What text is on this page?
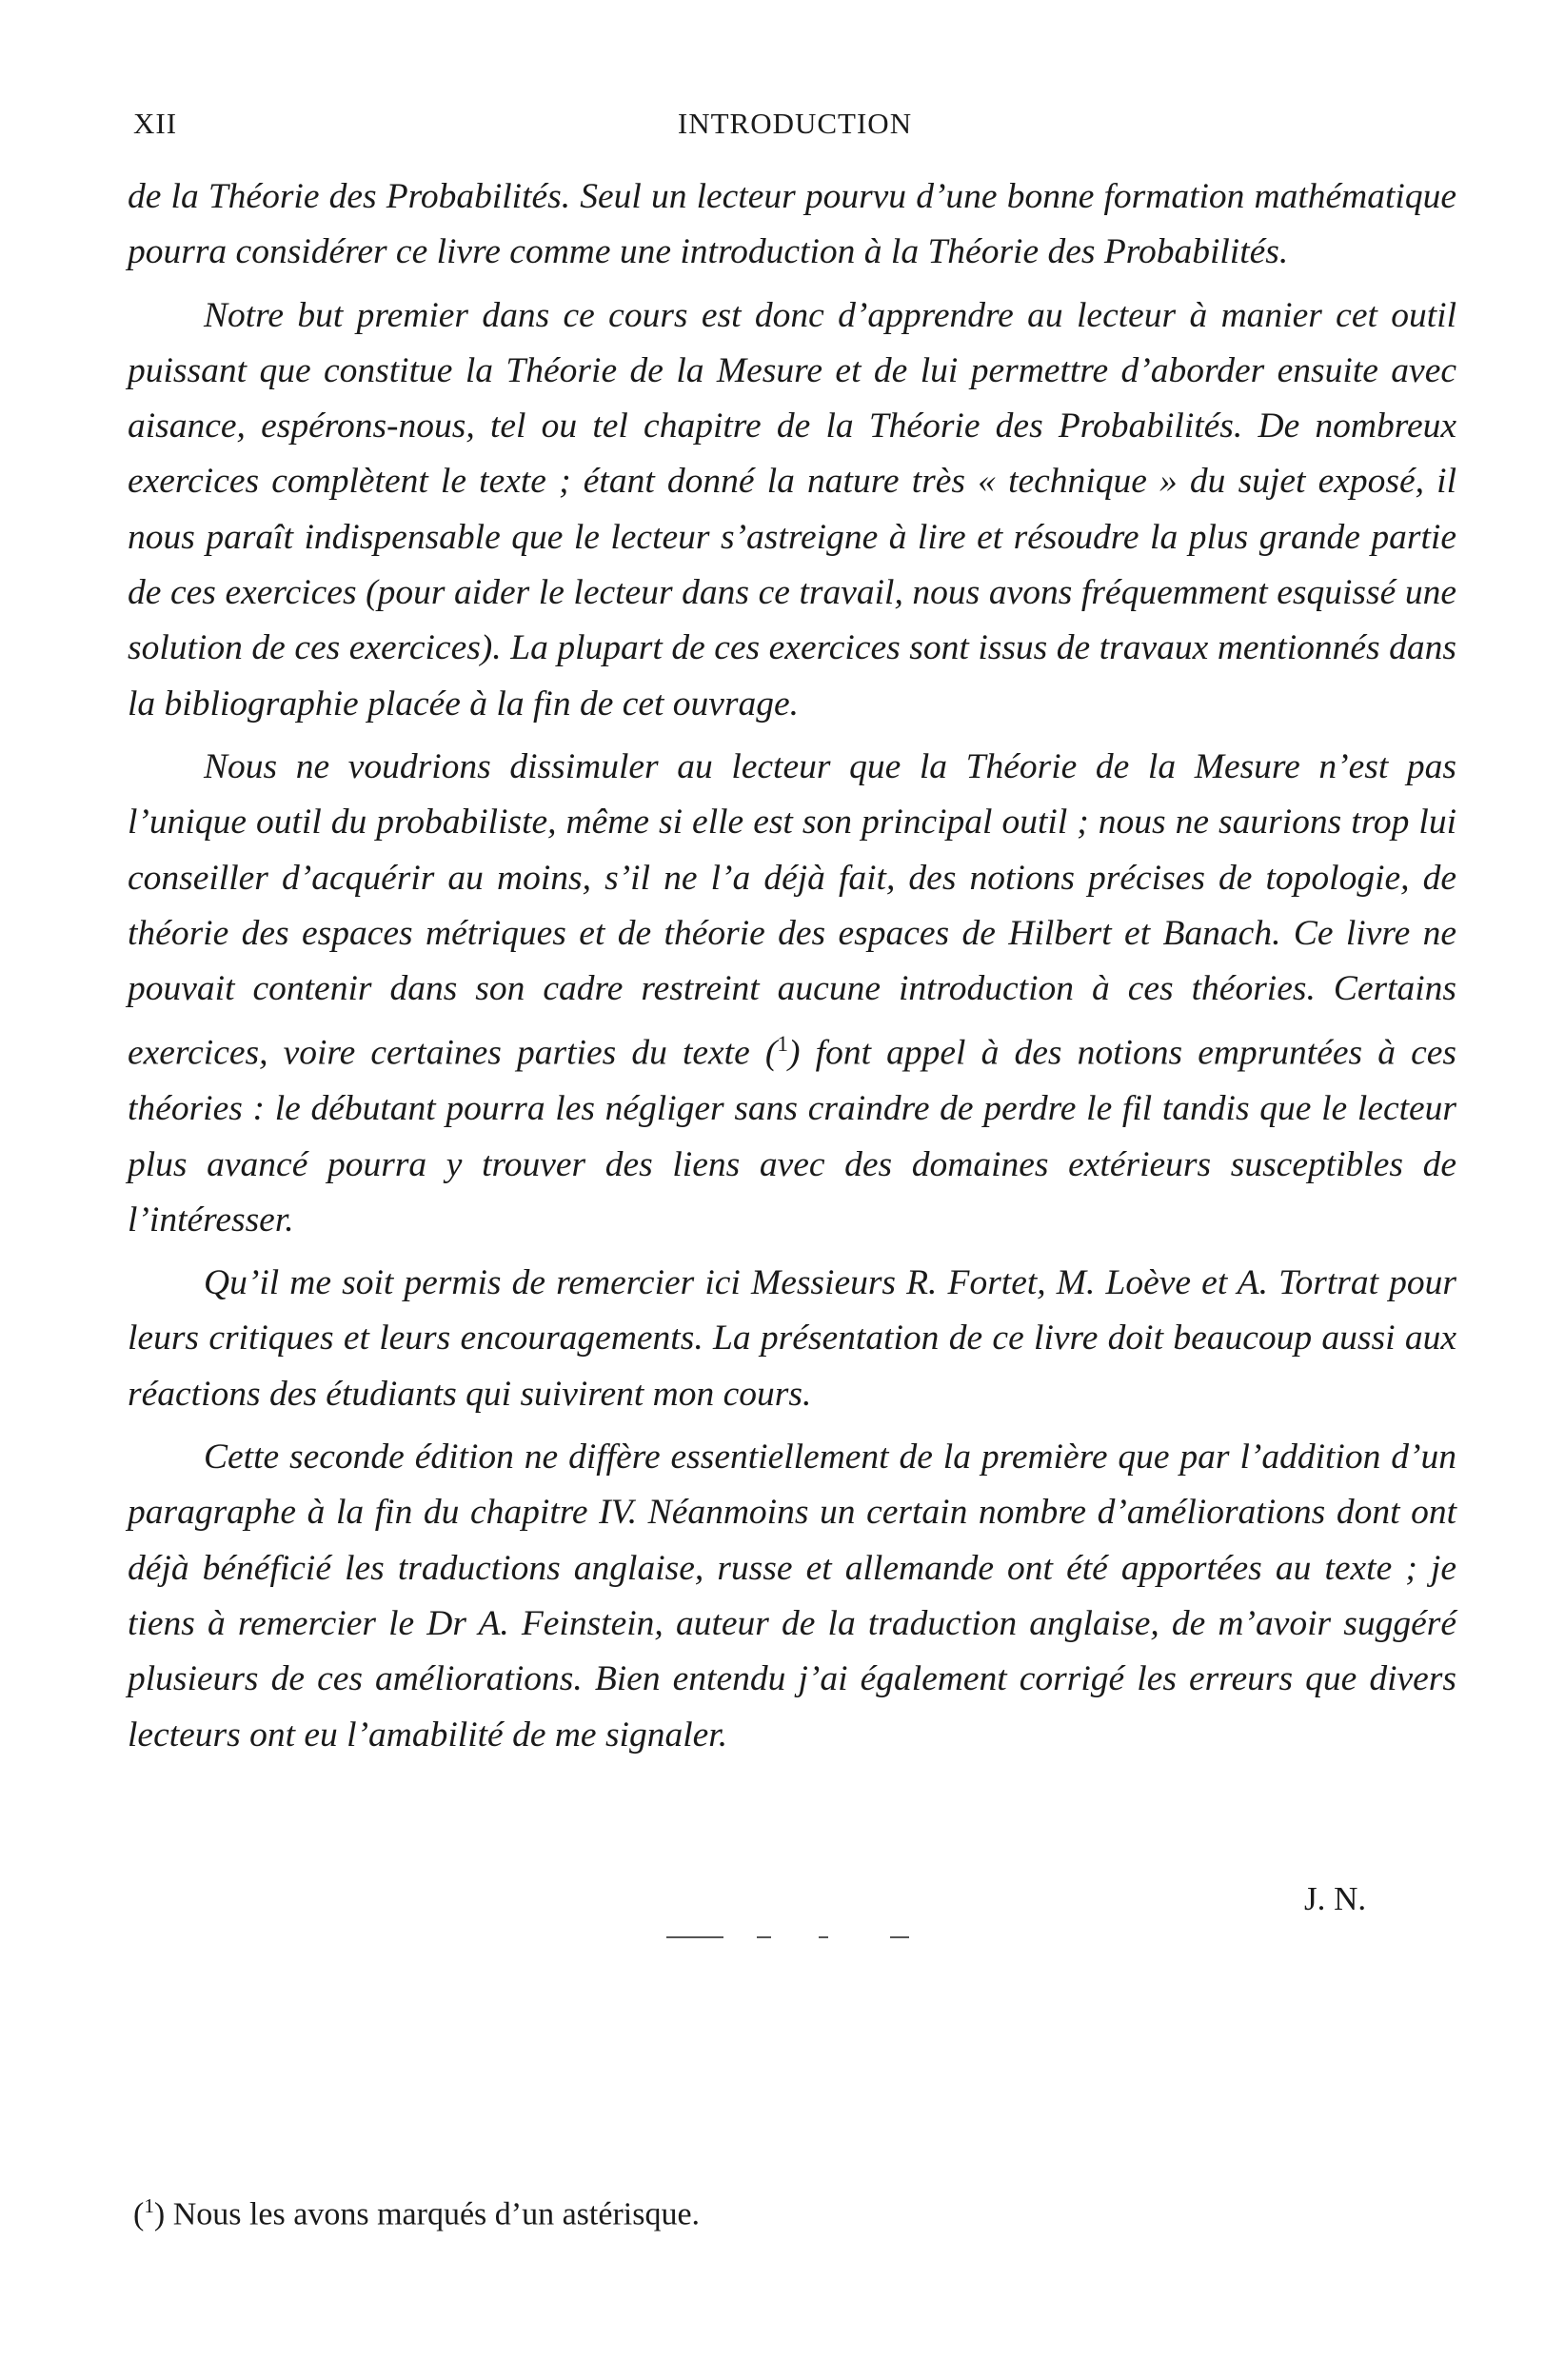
XII	INTRODUCTION

de la Théorie des Probabilités. Seul un lecteur pourvu d’une bonne formation mathématique pourra considérer ce livre comme une introduction à la Théorie des Probabilités.

Notre but premier dans ce cours est donc d’apprendre au lecteur à manier cet outil puissant que constitue la Théorie de la Mesure et de lui permettre d’aborder ensuite avec aisance, espérons-nous, tel ou tel chapitre de la Théorie des Probabilités. De nombreux exercices complètent le texte ; étant donné la nature très « technique » du sujet exposé, il nous paraît indispensable que le lecteur s’astreigne à lire et résoudre la plus grande partie de ces exercices (pour aider le lecteur dans ce travail, nous avons fréquemment esquissé une solution de ces exercices). La plupart de ces exercices sont issus de travaux mentionnés dans la bibliographie placée à la fin de cet ouvrage.

Nous ne voudrions dissimuler au lecteur que la Théorie de la Mesure n’est pas l’unique outil du probabiliste, même si elle est son principal outil ; nous ne saurions trop lui conseiller d’acquérir au moins, s’il ne l’a déjà fait, des notions précises de topologie, de théorie des espaces métriques et de théorie des espaces de Hilbert et Banach. Ce livre ne pouvait contenir dans son cadre restreint aucune introduction à ces théories. Certains exercices, voire certaines parties du texte ($^1$) font appel à des notions empruntées à ces théories : le débutant pourra les négliger sans craindre de perdre le fil tandis que le lecteur plus avancé pourra y trouver des liens avec des domaines extérieurs susceptibles de l’intéresser.

Qu’il me soit permis de remercier ici Messieurs R. Fortet, M. Loève et A. Tortrat pour leurs critiques et leurs encouragements. La présentation de ce livre doit beaucoup aussi aux réactions des étudiants qui suivirent mon cours.

Cette seconde édition ne diffère essentiellement de la première que par l’addition d’un paragraphe à la fin du chapitre IV. Néanmoins un certain nombre d’améliorations dont ont déjà bénéficié les traductions anglaise, russe et allemande ont été apportées au texte ; je tiens à remercier le Dr A. Feinstein, auteur de la traduction anglaise, de m’avoir suggéré plusieurs de ces améliorations. Bien entendu j’ai également corrigé les erreurs que divers lecteurs ont eu l’amabilité de me signaler.

J. N.
($^1$) Nous les avons marqués d’un astérisque.
